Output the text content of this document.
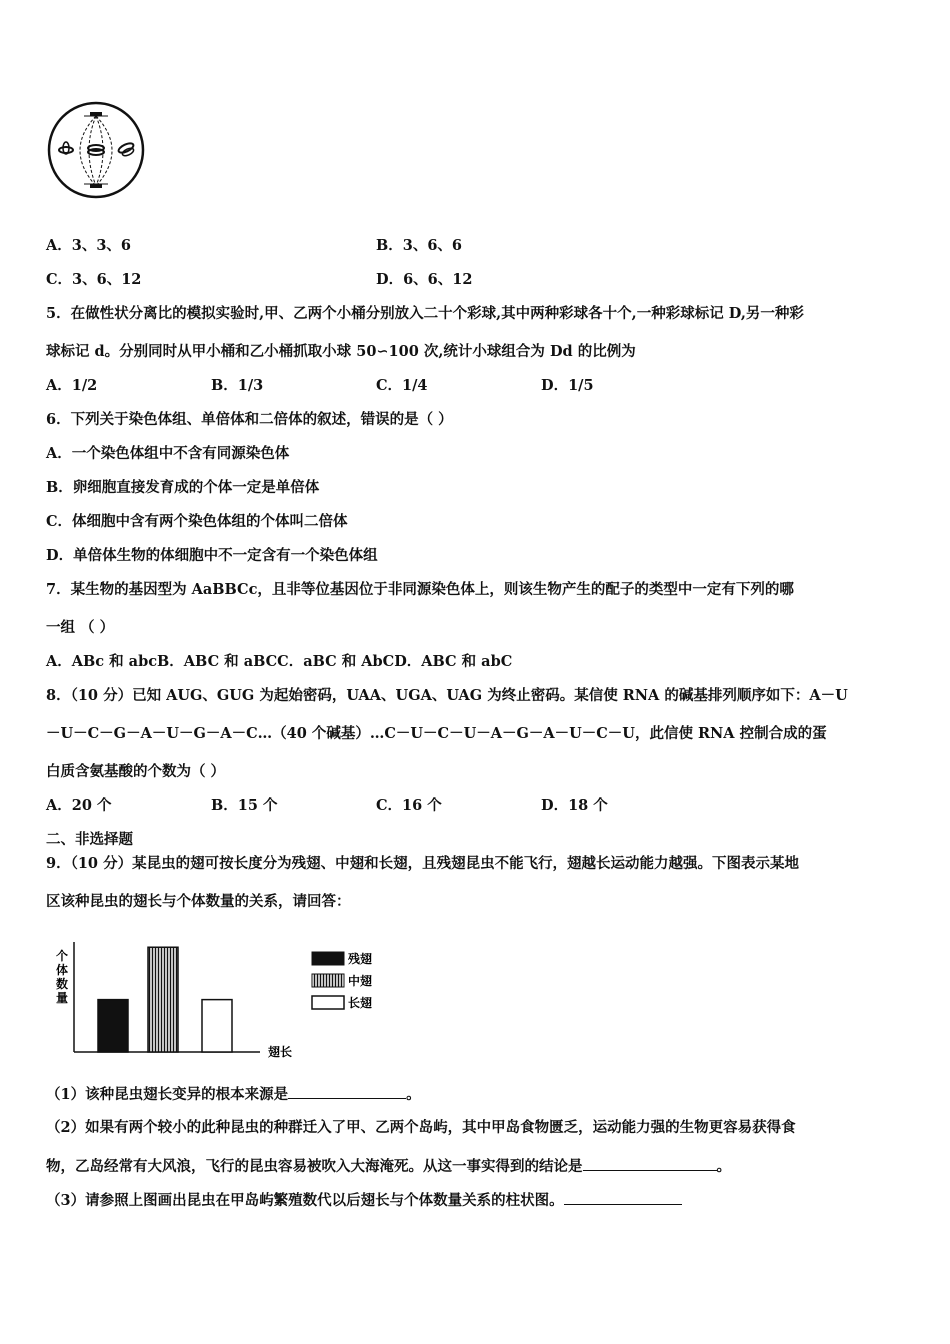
A．3、3、6	B．3、6、6
C．3、6、12	D．6、6、12
5．在做性状分离比的模拟实验时,甲、乙两个小桶分别放入二十个彩球,其中两种彩球各十个,一种彩球标记 D,另一种彩
球标记 d。分别同时从甲小桶和乙小桶抓取小球 50∽100 次,统计小球组合为 Dd 的比例为
A．1/2	B．1/3	C．1/4	D．1/5
6．下列关于染色体组、单倍体和二倍体的叙述，错误的是（ ）
A．一个染色体组中不含有同源染色体
B．卵细胞直接发育成的个体一定是单倍体
C．体细胞中含有两个染色体组的个体叫二倍体
D．单倍体生物的体细胞中不一定含有一个染色体组
7．某生物的基因型为 AaBBCc，且非等位基因位于非同源染色体上，则该生物产生的配子的类型中一定有下列的哪
一组 （ ）
A．ABc 和 abcB．ABC 和 aBCC．aBC 和 AbCD．ABC 和 abC
8．（10 分）已知 AUG、GUG 为起始密码，UAA、UGA、UAG 为终止密码。某信使 RNA 的碱基排列顺序如下：A－U
－U－C－G－A－U－G－A－C…（40 个碱基）…C－U－C－U－A－G－A－U－C－U，此信使 RNA 控制合成的蛋
白质含氨基酸的个数为（ ）
A．20 个	B．15 个	C．16 个	D．18 个
二、非选择题
9．（10 分）某昆虫的翅可按长度分为残翅、中翅和长翅，且残翅昆虫不能飞行，翅越长运动能力越强。下图表示某地
区该种昆虫的翅长与个体数量的关系，请回答：
个
体
数
量
翅长
残翅
中翅
长翅
（1）该种昆虫翅长变异的根本来源是	。
（2）如果有两个较小的此种昆虫的种群迁入了甲、乙两个岛屿，其中甲岛食物匮乏，运动能力强的生物更容易获得食
物，乙岛经常有大风浪，飞行的昆虫容易被吹入大海淹死。从这一事实得到的结论是	。
（3）请参照上图画出昆虫在甲岛屿繁殖数代以后翅长与个体数量关系的柱状图。
